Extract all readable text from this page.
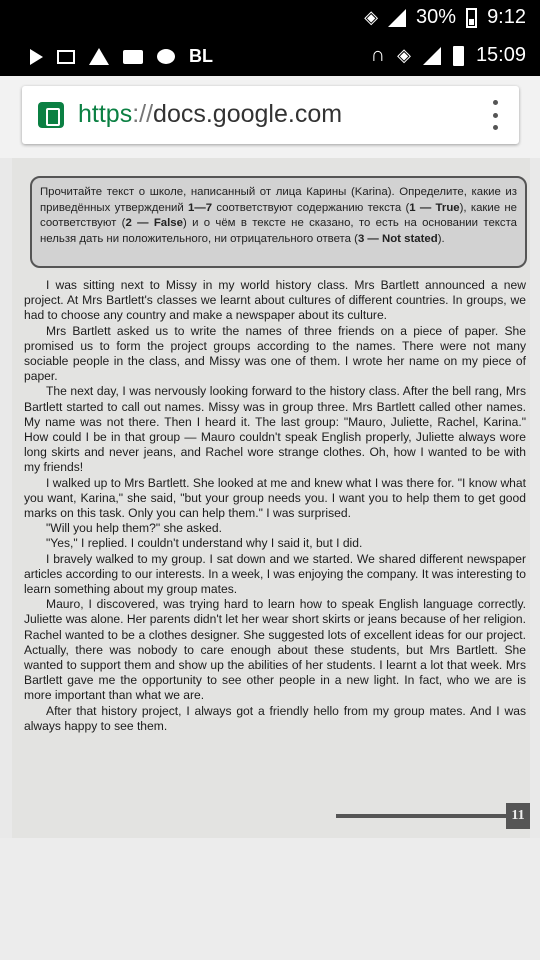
◈ 30% 9:12
BL	∩ ◈	15:09
https://docs.google.com
Прочитайте текст о школе, написанный от лица Карины (Karina). Определите, какие из приведённых утверждений 1—7 соответствуют содержанию текста (1 — True), какие не соответствуют (2 — False) и о чём в тексте не сказано, то есть на основании текста нельзя дать ни положительного, ни отрицательного ответа (3 — Not stated).

I was sitting next to Missy in my world history class. Mrs Bartlett announced a new project. At Mrs Bartlett's classes we learnt about cultures of different countries. In groups, we had to choose any country and make a newspaper about its culture.

Mrs Bartlett asked us to write the names of three friends on a piece of paper. She promised us to form the project groups according to the names. There were not many sociable people in the class, and Missy was one of them. I wrote her name on my piece of paper.

The next day, I was nervously looking forward to the history class. After the bell rang, Mrs Bartlett started to call out names. Missy was in group three. Mrs Bartlett called other names. My name was not there. Then I heard it. The last group: "Mauro, Juliette, Rachel, Karina." How could I be in that group — Mauro couldn't speak English properly, Juliette always wore long skirts and never jeans, and Rachel wore strange clothes. Oh, how I wanted to be with my friends!

I walked up to Mrs Bartlett. She looked at me and knew what I was there for. "I know what you want, Karina," she said, "but your group needs you. I want you to help them to get good marks on this task. Only you can help them." I was surprised.

"Will you help them?" she asked.

"Yes," I replied. I couldn't understand why I said it, but I did.

I bravely walked to my group. I sat down and we started. We shared different newspaper articles according to our interests. In a week, I was enjoying the company. It was interesting to learn something about my group mates.

Mauro, I discovered, was trying hard to learn how to speak English language correctly. Juliette was alone. Her parents didn't let her wear short skirts or jeans because of her religion. Rachel wanted to be a clothes designer. She suggested lots of excellent ideas for our project. Actually, there was nobody to care enough about these students, but Mrs Bartlett. She wanted to support them and show up the abilities of her students. I learnt a lot that week. Mrs Bartlett gave me the opportunity to see other people in a new light. In fact, who we are is more important than what we are.

After that history project, I always got a friendly hello from my group mates. And I was always happy to see them.

11
